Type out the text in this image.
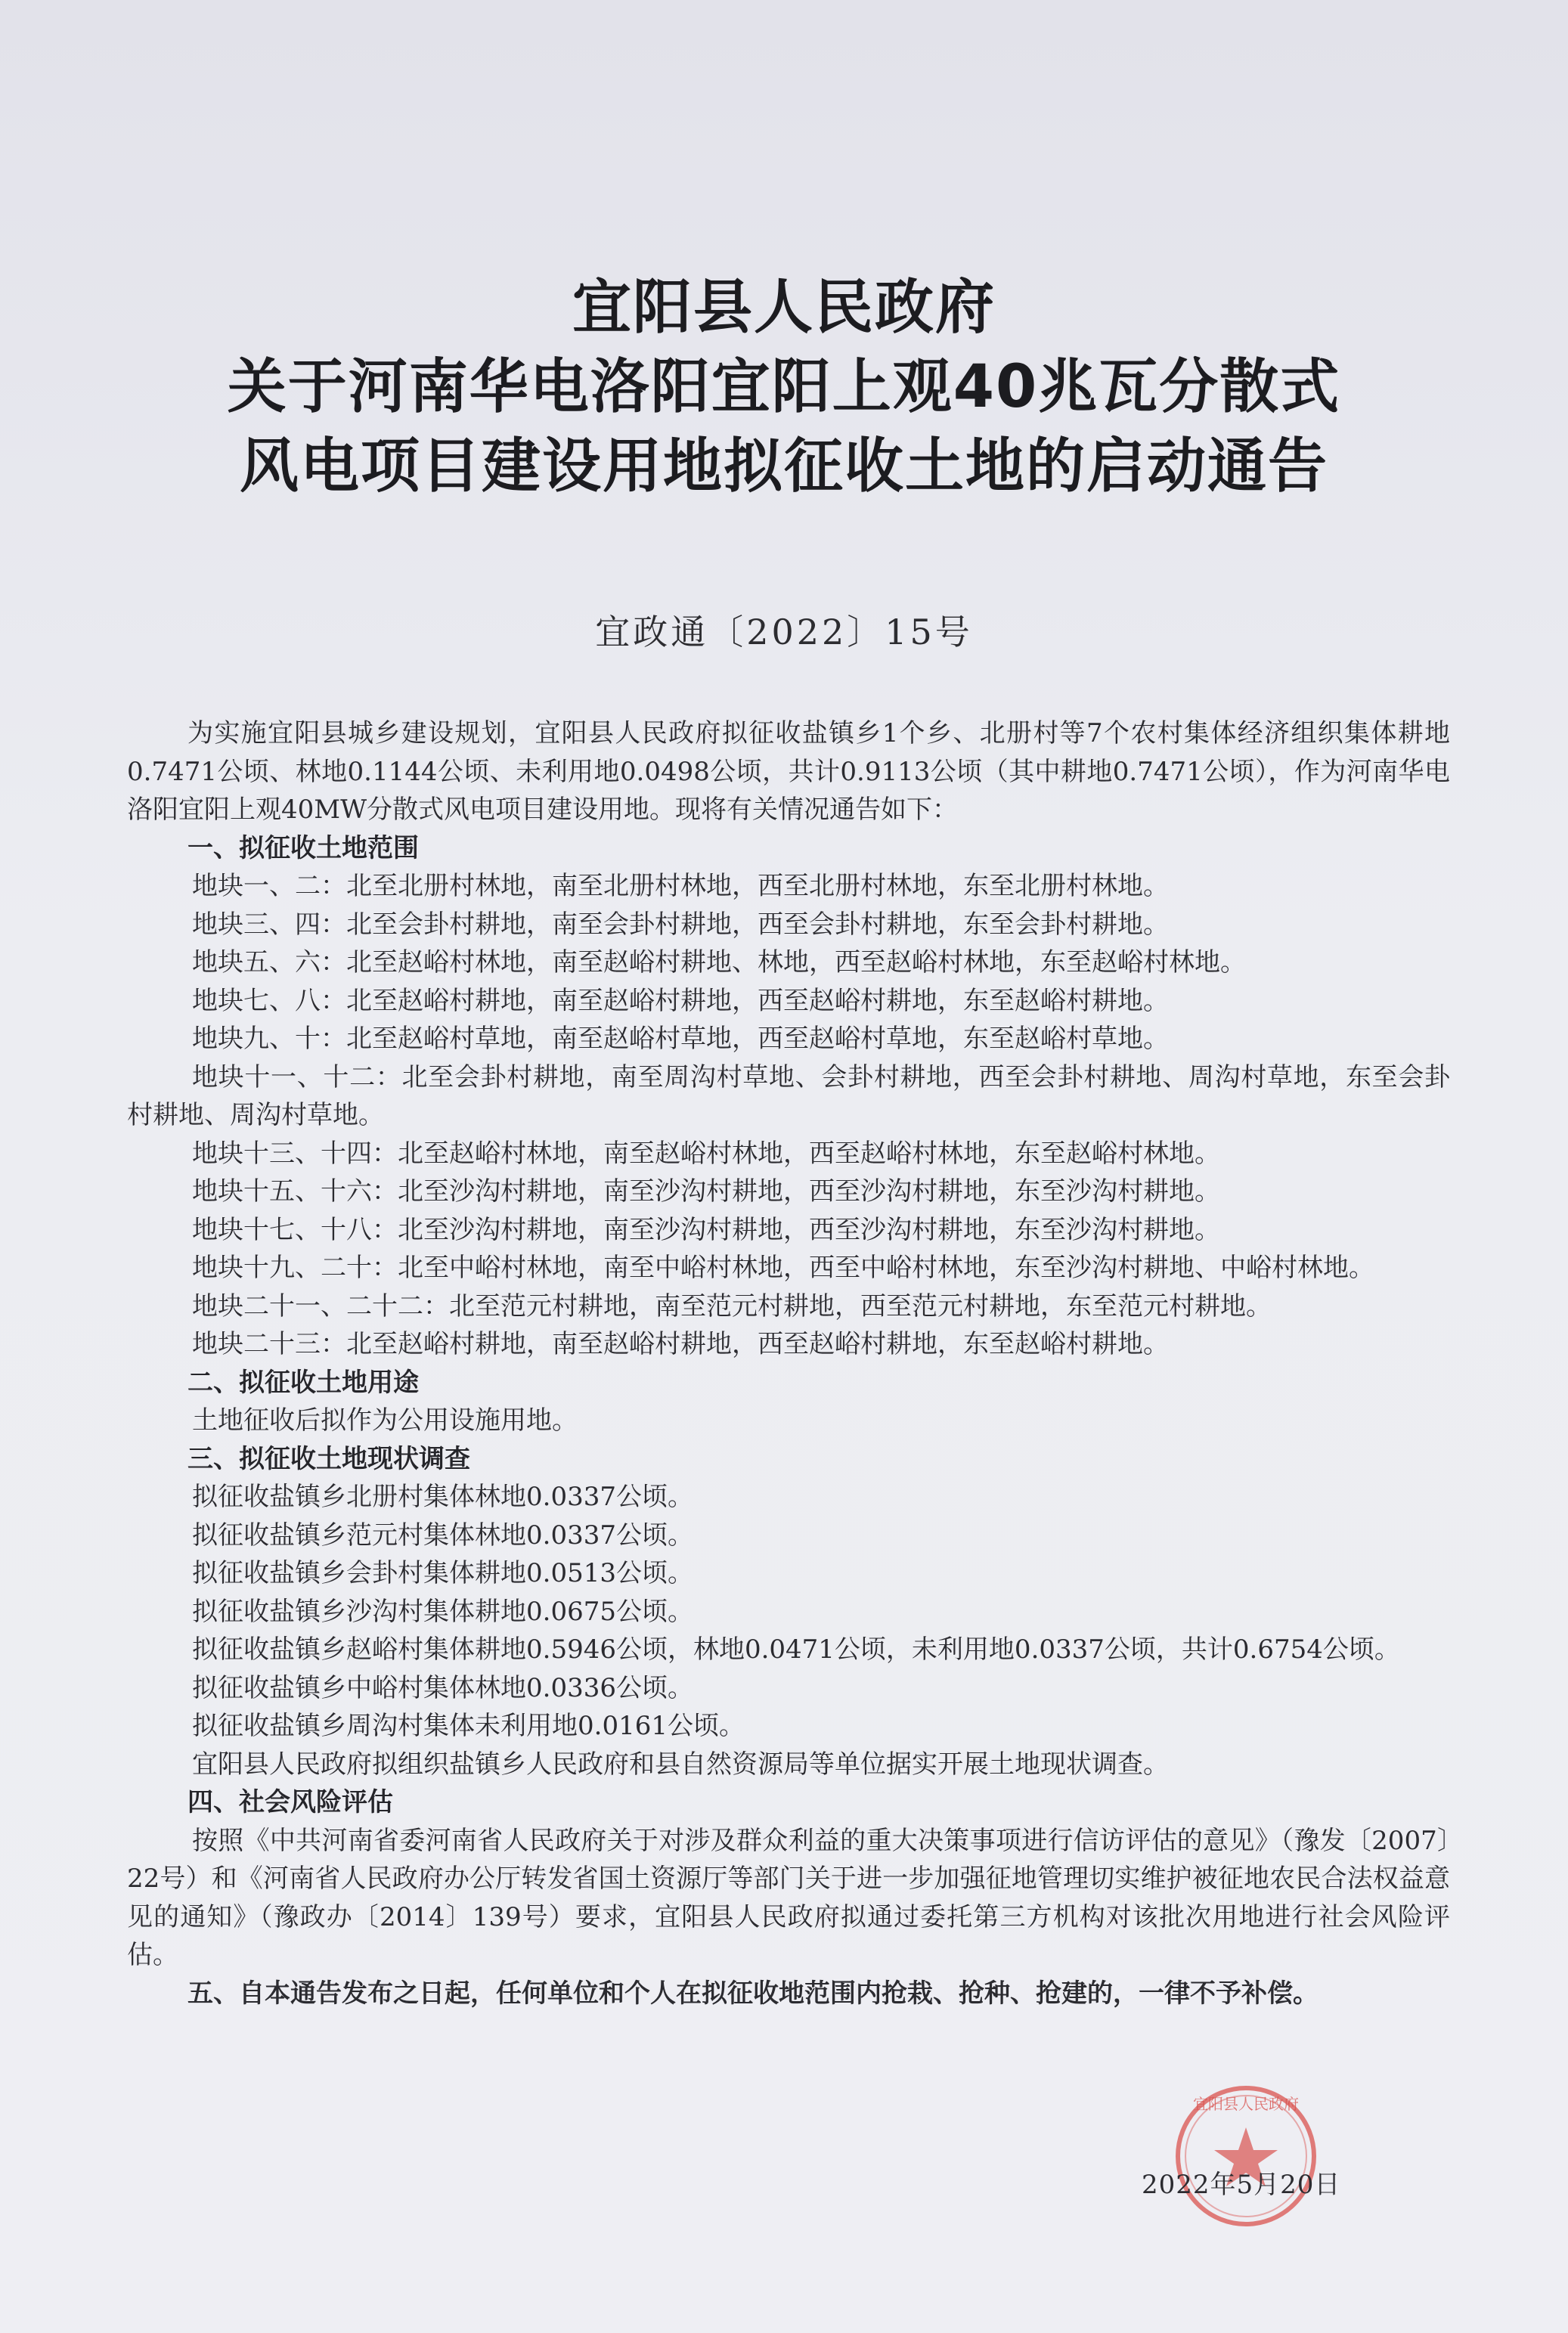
宜阳县人民政府
关于河南华电洛阳宜阳上观40兆瓦分散式
风电项目建设用地拟征收土地的启动通告
宜政通〔2022〕15号

为实施宜阳县城乡建设规划，宜阳县人民政府拟征收盐镇乡1个乡、北册村等7个农村集体经济组织集体耕地0.7471公顷、林地0.1144公顷、未利用地0.0498公顷，共计0.9113公顷（其中耕地0.7471公顷），作为河南华电洛阳宜阳上观40MW分散式风电项目建设用地。现将有关情况通告如下：

一、拟征收土地范围

地块一、二：北至北册村林地，南至北册村林地，西至北册村林地，东至北册村林地。

地块三、四：北至会卦村耕地，南至会卦村耕地，西至会卦村耕地，东至会卦村耕地。

地块五、六：北至赵峪村林地，南至赵峪村耕地、林地，西至赵峪村林地，东至赵峪村林地。

地块七、八：北至赵峪村耕地，南至赵峪村耕地，西至赵峪村耕地，东至赵峪村耕地。

地块九、十：北至赵峪村草地，南至赵峪村草地，西至赵峪村草地，东至赵峪村草地。

地块十一、十二：北至会卦村耕地，南至周沟村草地、会卦村耕地，西至会卦村耕地、周沟村草地，东至会卦村耕地、周沟村草地。

地块十三、十四：北至赵峪村林地，南至赵峪村林地，西至赵峪村林地，东至赵峪村林地。

地块十五、十六：北至沙沟村耕地，南至沙沟村耕地，西至沙沟村耕地，东至沙沟村耕地。

地块十七、十八：北至沙沟村耕地，南至沙沟村耕地，西至沙沟村耕地，东至沙沟村耕地。

地块十九、二十：北至中峪村林地，南至中峪村林地，西至中峪村林地，东至沙沟村耕地、中峪村林地。

地块二十一、二十二：北至范元村耕地，南至范元村耕地，西至范元村耕地，东至范元村耕地。

地块二十三：北至赵峪村耕地，南至赵峪村耕地，西至赵峪村耕地，东至赵峪村耕地。

二、拟征收土地用途

土地征收后拟作为公用设施用地。

三、拟征收土地现状调查

拟征收盐镇乡北册村集体林地0.0337公顷。

拟征收盐镇乡范元村集体林地0.0337公顷。

拟征收盐镇乡会卦村集体耕地0.0513公顷。

拟征收盐镇乡沙沟村集体耕地0.0675公顷。

拟征收盐镇乡赵峪村集体耕地0.5946公顷，林地0.0471公顷，未利用地0.0337公顷，共计0.6754公顷。

拟征收盐镇乡中峪村集体林地0.0336公顷。

拟征收盐镇乡周沟村集体未利用地0.0161公顷。

宜阳县人民政府拟组织盐镇乡人民政府和县自然资源局等单位据实开展土地现状调查。

四、社会风险评估

按照《中共河南省委河南省人民政府关于对涉及群众利益的重大决策事项进行信访评估的意见》（豫发〔2007〕22号）和《河南省人民政府办公厅转发省国土资源厅等部门关于进一步加强征地管理切实维护被征地农民合法权益意见的通知》（豫政办〔2014〕139号）要求，宜阳县人民政府拟通过委托第三方机构对该批次用地进行社会风险评估。

五、自本通告发布之日起，任何单位和个人在拟征收地范围内抢栽、抢种、抢建的，一律不予补偿。

宜阳县人民政府
2022年5月20日
